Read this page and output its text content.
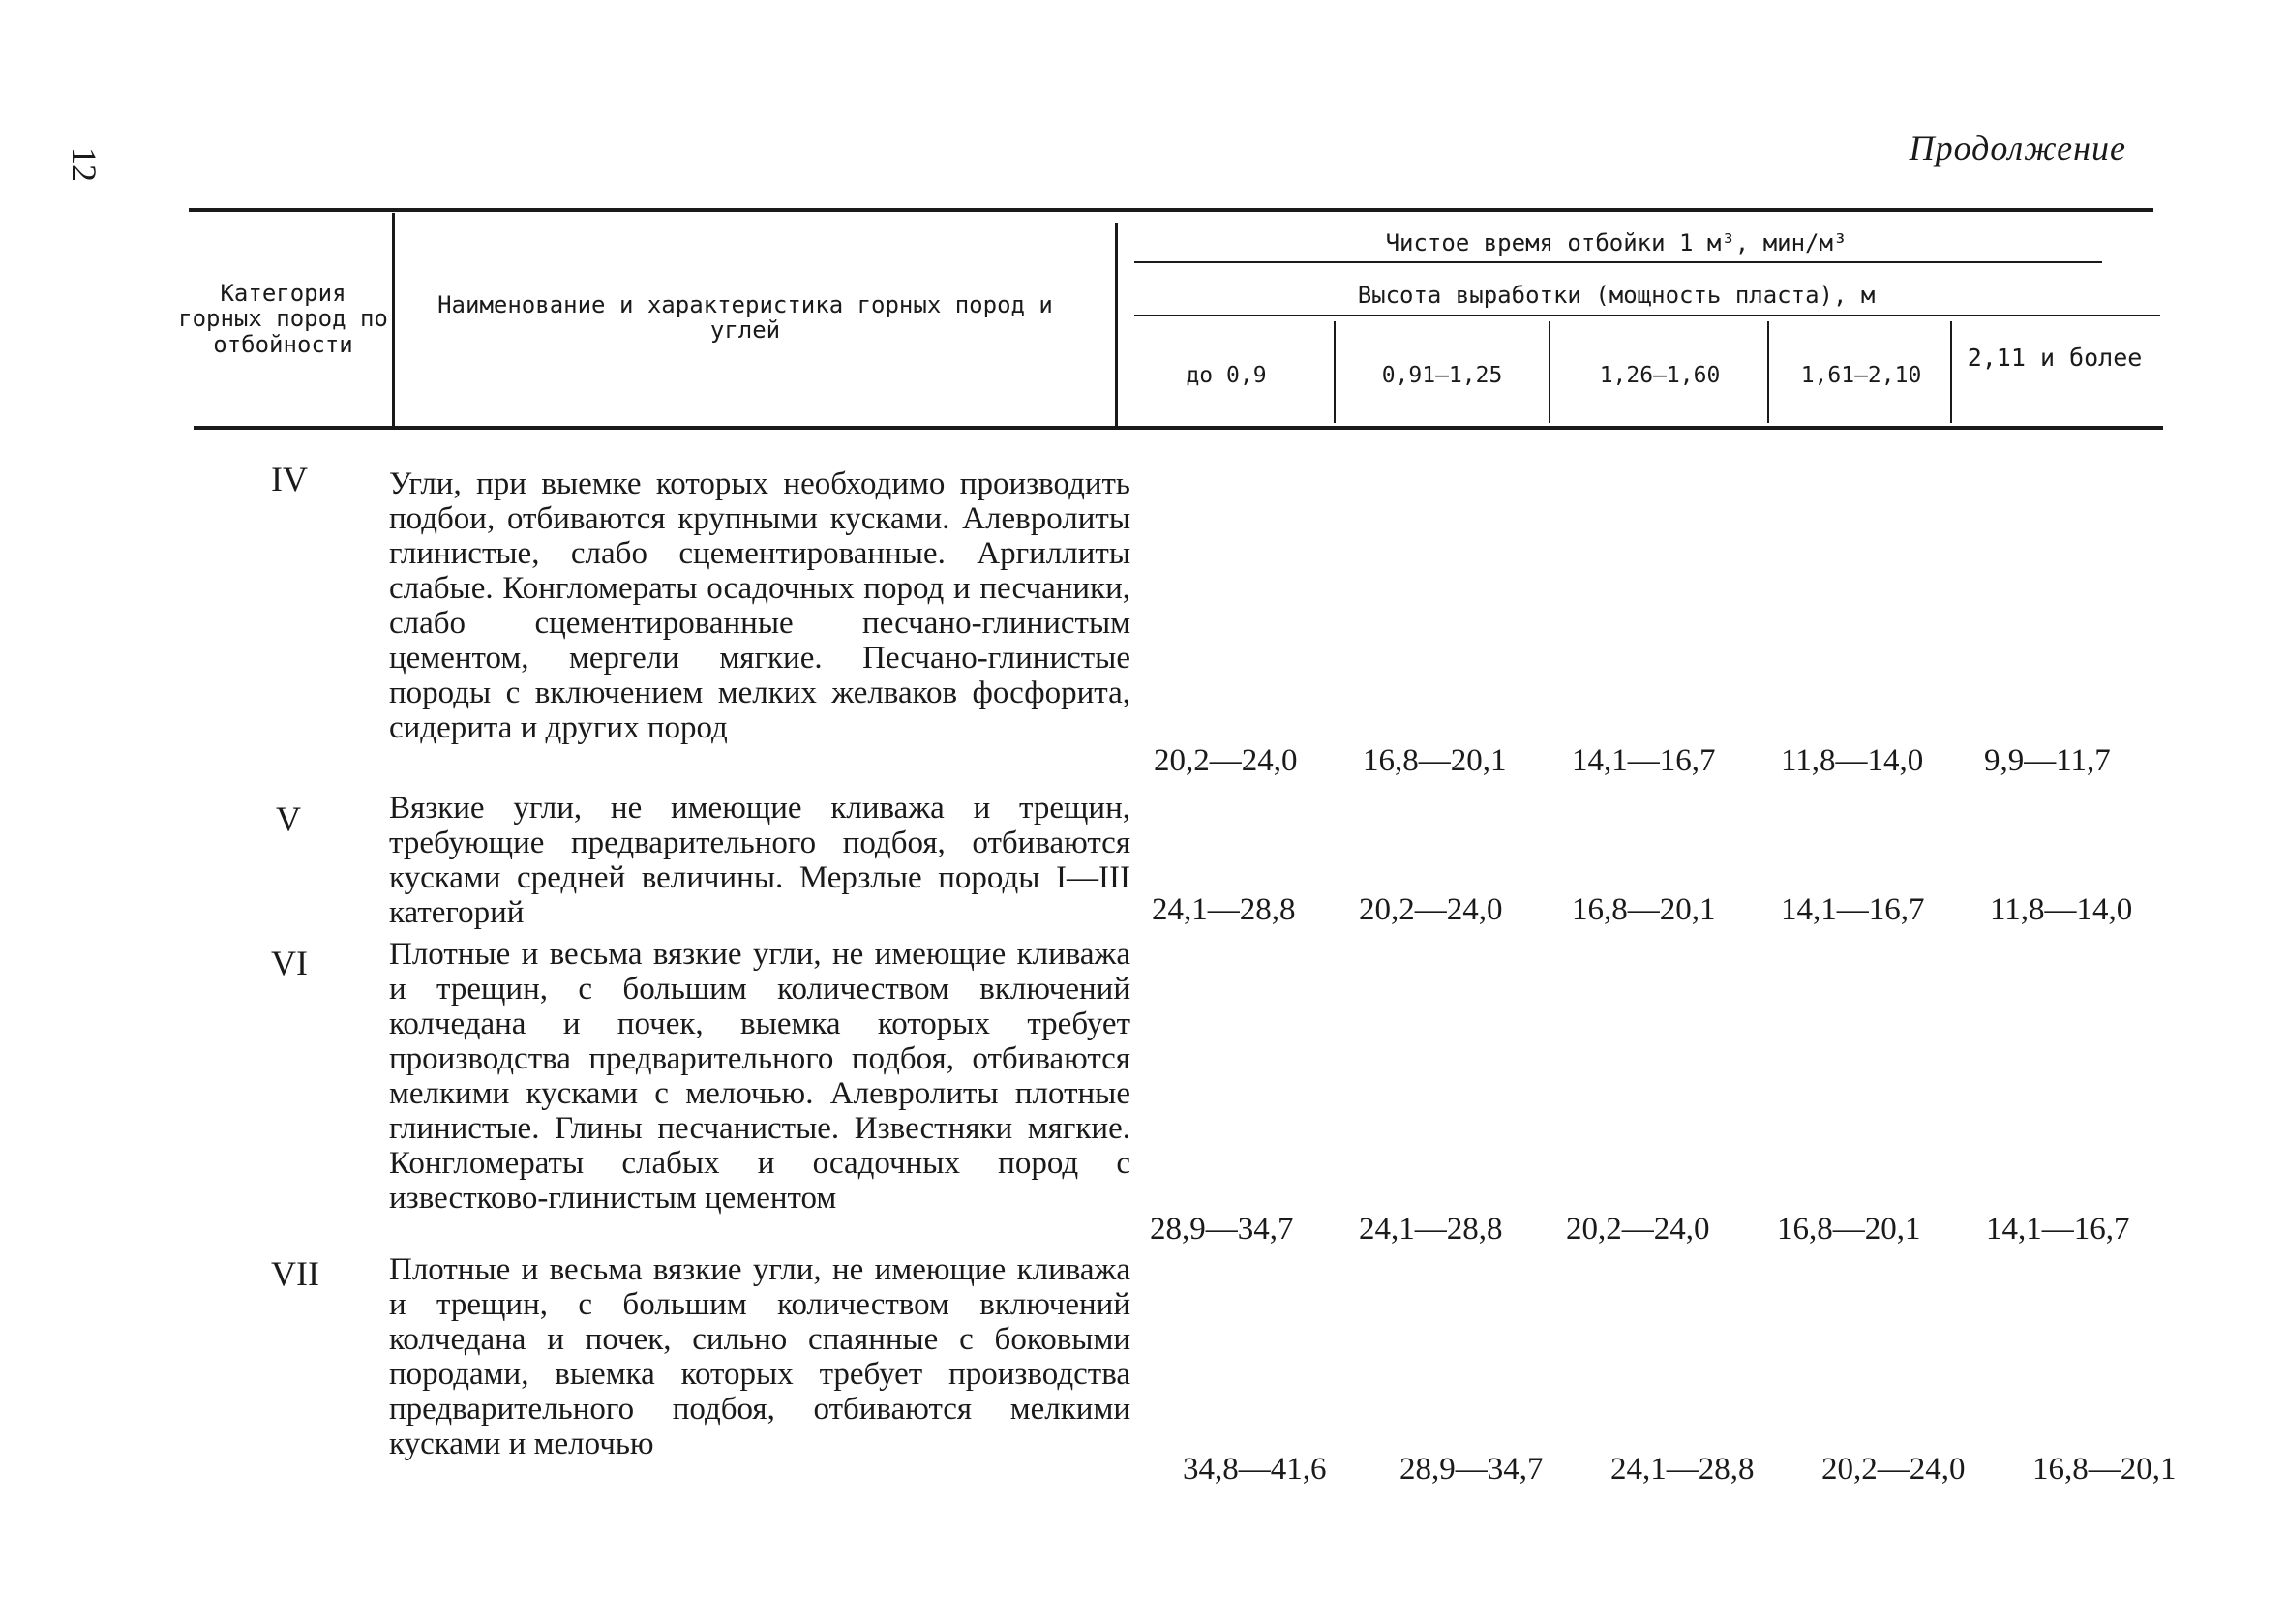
12	Продолжение
Категория горных пород по отбойности
Наименование и характеристика горных пород и углей
Чистое время отбойки 1 м³, мин/м³
Высота выработки (мощность пласта), м
до 0,9	0,91—1,25	1,26—1,60	1,61—2,10
2,11 и более
IV	Угли, при выемке которых необходимо производить подбои, отбиваются крупными кусками. Алевролиты глинистые, слабо сцементированные. Аргиллиты слабые. Конгломераты осадочных пород и песчаники, слабо сцементированные песчано-глинистым цементом, мергели мягкие. Песчано-глинистые породы с включением мелких желваков фосфорита, сидерита и других пород

20,2—24,0 16,8—20,1 14,1—16,7 11,8—14,0 9,9—11,7
V	Вязкие угли, не имеющие кливажа и трещин, требующие предварительного подбоя, отбиваются кусками средней величины. Мерзлые породы I—III категорий	24,1—28,8 20,2—24,0 16,8—20,1 14,1—16,7 11,8—14,0
VI	Плотные и весьма вязкие угли, не имеющие кливажа и трещин, с большим количеством включений колчедана и почек, выемка которых требует производства предварительного подбоя, отбиваются мелкими кусками с мелочью. Алевролиты плотные глинистые. Глины песчанистые. Известняки мягкие. Конгломераты слабых и осадочных пород с известково-глинистым цементом

28,9—34,7 24,1—28,8 20,2—24,0 16,8—20,1 14,1—16,7
VII Плотные и весьма вязкие угли, не имеющие кливажа и трещин, с большим количеством включений колчедана и почек, сильно спаянные с боковыми породами, выемка которых требует производства предварительного подбоя, отбиваются мелкими кусками и мелочью

34,8—41,6 28,9—34,7 24,1—28,8 20,2—24,0 16,8—20,1
